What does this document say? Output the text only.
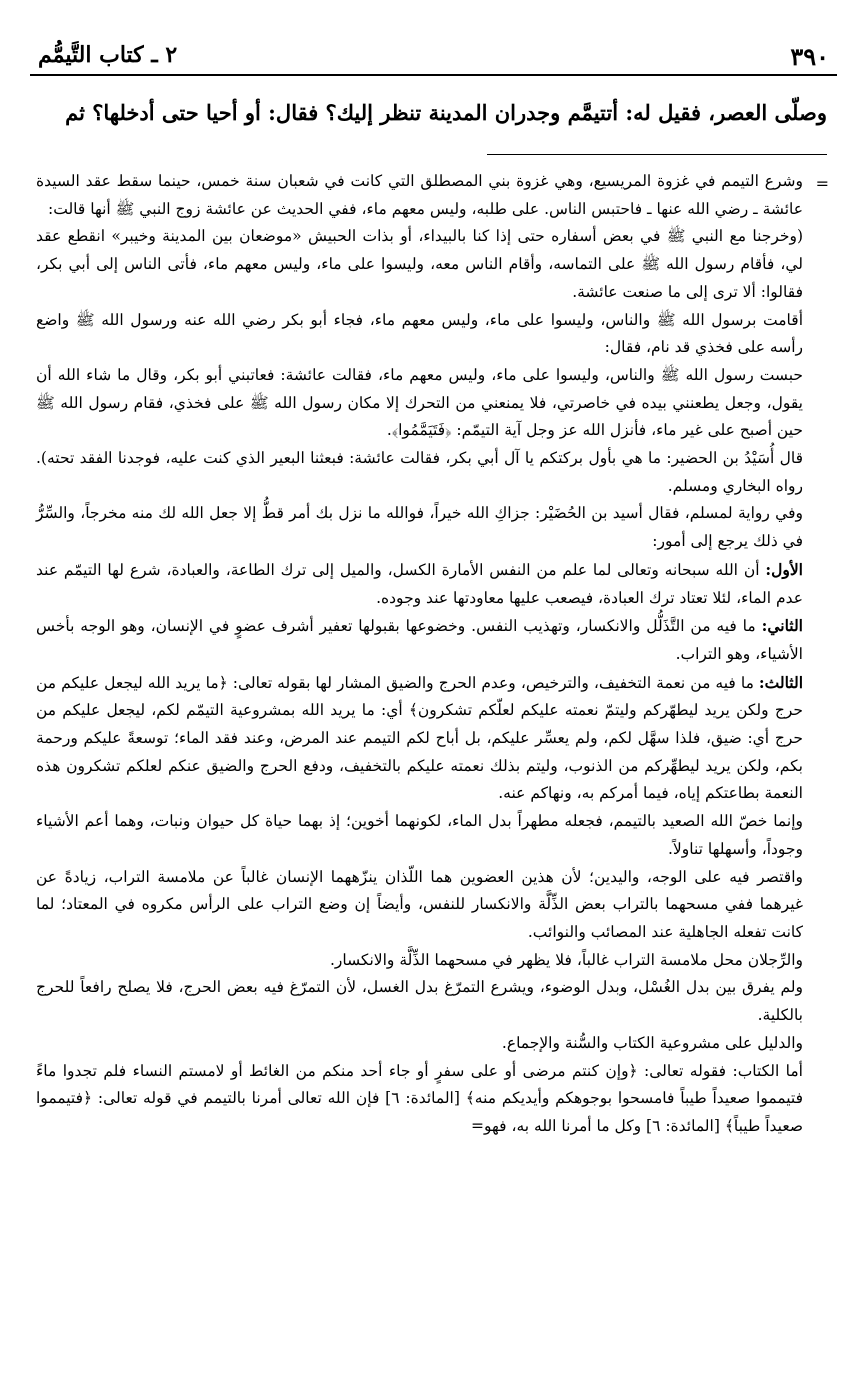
٣٩٠
٢ ـ كتاب التَّيمُّم
وصلّى العصر، فقيل له: أتتيمَّم وجدران المدينة تنظر إليك؟ فقال: أو أحيا حتى أدخلها؟ ثم
=

وشرع التيمم في غزوة المريسيع، وهي غزوة بني المصطلق التي كانت في شعبان سنة خمس، حينما سقط عقد السيدة عائشة ـ رضي الله عنها ـ فاحتبس الناس. على طلبه، وليس معهم ماء، ففي الحديث عن عائشة زوج النبي ﷺ أنها قالت:

(وخرجنا مع النبي ﷺ في بعض أسفاره حتى إذا كنا بالبيداء، أو بذات الحبيش «موضعان بين المدينة وخيبر» انقطع عقد لي، فأقام رسول الله ﷺ على التماسه، وأقام الناس معه، وليسوا على ماء، وليس معهم ماء، فأتى الناس إلى أبي بكر، فقالوا: ألا ترى إلى ما صنعت عائشة.

أقامت برسول الله ﷺ والناس، وليسوا على ماء، وليس معهم ماء، فجاء أبو بكر رضي الله عنه ورسول الله ﷺ واضع رأسه على فخذي قد نام، فقال:

حبست رسول الله ﷺ والناس، وليسوا على ماء، وليس معهم ماء، فقالت عائشة: فعاتبني أبو بكر، وقال ما شاء الله أن يقول، وجعل يطعنني بيده في خاصرتي، فلا يمنعني من التحرك إلا مكان رسول الله ﷺ على فخذي، فقام رسول الله ﷺ حين أصبح على غير ماء، فأنزل الله عز وجل آية التيمّم: ﴿فَتَيَمَّمُوا﴾.

قال أُسَيْدُ بن الحضير: ما هي بأول بركتكم يا آل أبي بكر، فقالت عائشة: فبعثنا البعير الذي كنت عليه، فوجدنا الفقد تحته). رواه البخاري ومسلم.

وفي رواية لمسلم، فقال أسيد بن الحُضَيْر: جزاكِ الله خيراً، فوالله ما نزل بك أمر قطُّ إلا جعل الله لك منه مخرجاً، والسِّرُّ في ذلك يرجع إلى أمور:

الأول: أن الله سبحانه وتعالى لما علم من النفس الأمارة الكسل، والميل إلى ترك الطاعة، والعبادة، شرع لها التيمّم عند عدم الماء، لئلا تعتاد ترك العبادة، فيصعب عليها معاودتها عند وجوده.

الثاني: ما فيه من التَّذَلُّل والانكسار، وتهذيب النفس. وخضوعها بقبولها تعفير أشرف عضوٍ في الإنسان، وهو الوجه بأخس الأشياء، وهو التراب.

الثالث: ما فيه من نعمة التخفيف، والترخيص، وعدم الحرج والضيق المشار لها بقوله تعالى: ﴿ما يريد الله ليجعل عليكم من حرج ولكن يريد ليطهّركم وليتمّ نعمته عليكم لعلّكم تشكرون﴾ أي: ما يريد الله بمشروعية التيمّم لكم، ليجعل عليكم من حرج أي: ضيق، فلذا سهَّل لكم، ولم يعسِّر عليكم، بل أباح لكم التيمم عند المرض، وعند فقد الماء؛ توسعةً عليكم ورحمة بكم، ولكن يريد ليطهِّركم من الذنوب، وليتم بذلك نعمته عليكم بالتخفيف، ودفع الحرج والضيق عنكم لعلكم تشكرون هذه النعمة بطاعتكم إياه، فيما أمركم به، ونهاكم عنه.

وإنما خصّ الله الصعيد بالتيمم، فجعله مطهراً بدل الماء، لكونهما أخوين؛ إذ بهما حياة كل حيوان ونبات، وهما أعم الأشياء وجوداً، وأسهلها تناولاً.

واقتصر فيه على الوجه، واليدين؛ لأن هذين العضوين هما اللّذان ينزّههما الإنسان غالباً عن ملامسة التراب، زيادةً عن غيرهما ففي مسحهما بالتراب بعض الذِّلَّة والانكسار للنفس، وأيضاً إن وضع التراب على الرأس مكروه في المعتاد؛ لما كانت تفعله الجاهلية عند المصائب والنوائب.

والرِّجلان محل ملامسة التراب غالباً، فلا يظهر في مسحهما الذِّلَّة والانكسار.

ولم يفرق بين بدل الغُسْل، وبدل الوضوء، ويشرع التمرّغ بدل الغسل، لأن التمرّغ فيه بعض الحرج، فلا يصلح رافعاً للحرج بالكلية.

والدليل على مشروعية الكتاب والسُّنة والإجماع.

أما الكتاب: فقوله تعالى: ﴿وإن كنتم مرضى أو على سفرٍ أو جاء أحد منكم من الغائط أو لامستم النساء فلم تجدوا ماءً فتيمموا صعيداً طيباً فامسحوا بوجوهكم وأيديكم منه﴾ [المائدة: ٦] فإن الله تعالى أمرنا بالتيمم في قوله تعالى: ﴿فتيمموا صعيداً طيباً﴾ [المائدة: ٦] وكل ما أمرنا الله به، فهو=
